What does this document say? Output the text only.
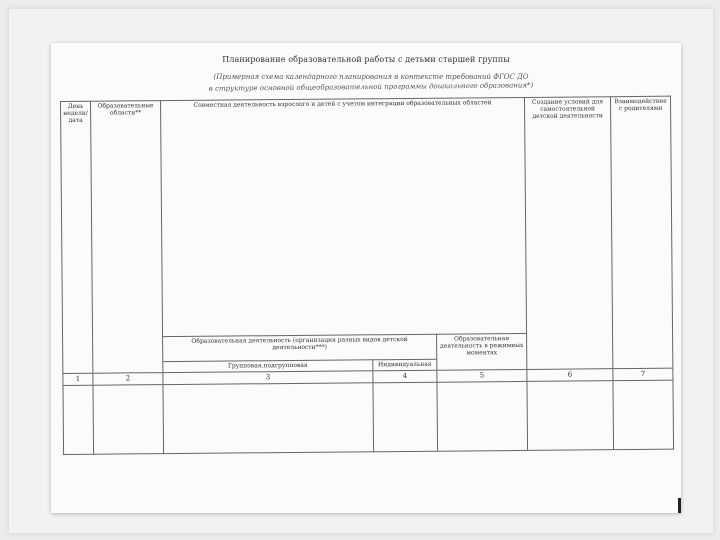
Планирование образовательной работы с детьми старшей группы
(Примерная схема календарного планирования в контексте требований ФГОС ДО
в структуре основной общеобразовательной программы дошкольного образования*)
День недели/ дата	Образовательные области**	Совместная деятельность взрослого и детей с учетом интеграции образовательных областей			Создание условий для самостоятельной детской деятельности	Взаимодействие с родителями
		Образовательная деятельность (организация разных видов детской деятельности***)		Образовательная деятельность в режимных моментах		
		Групповая,подгрупповая	Индивидуальная			
1	2	3	4	5	6	7
